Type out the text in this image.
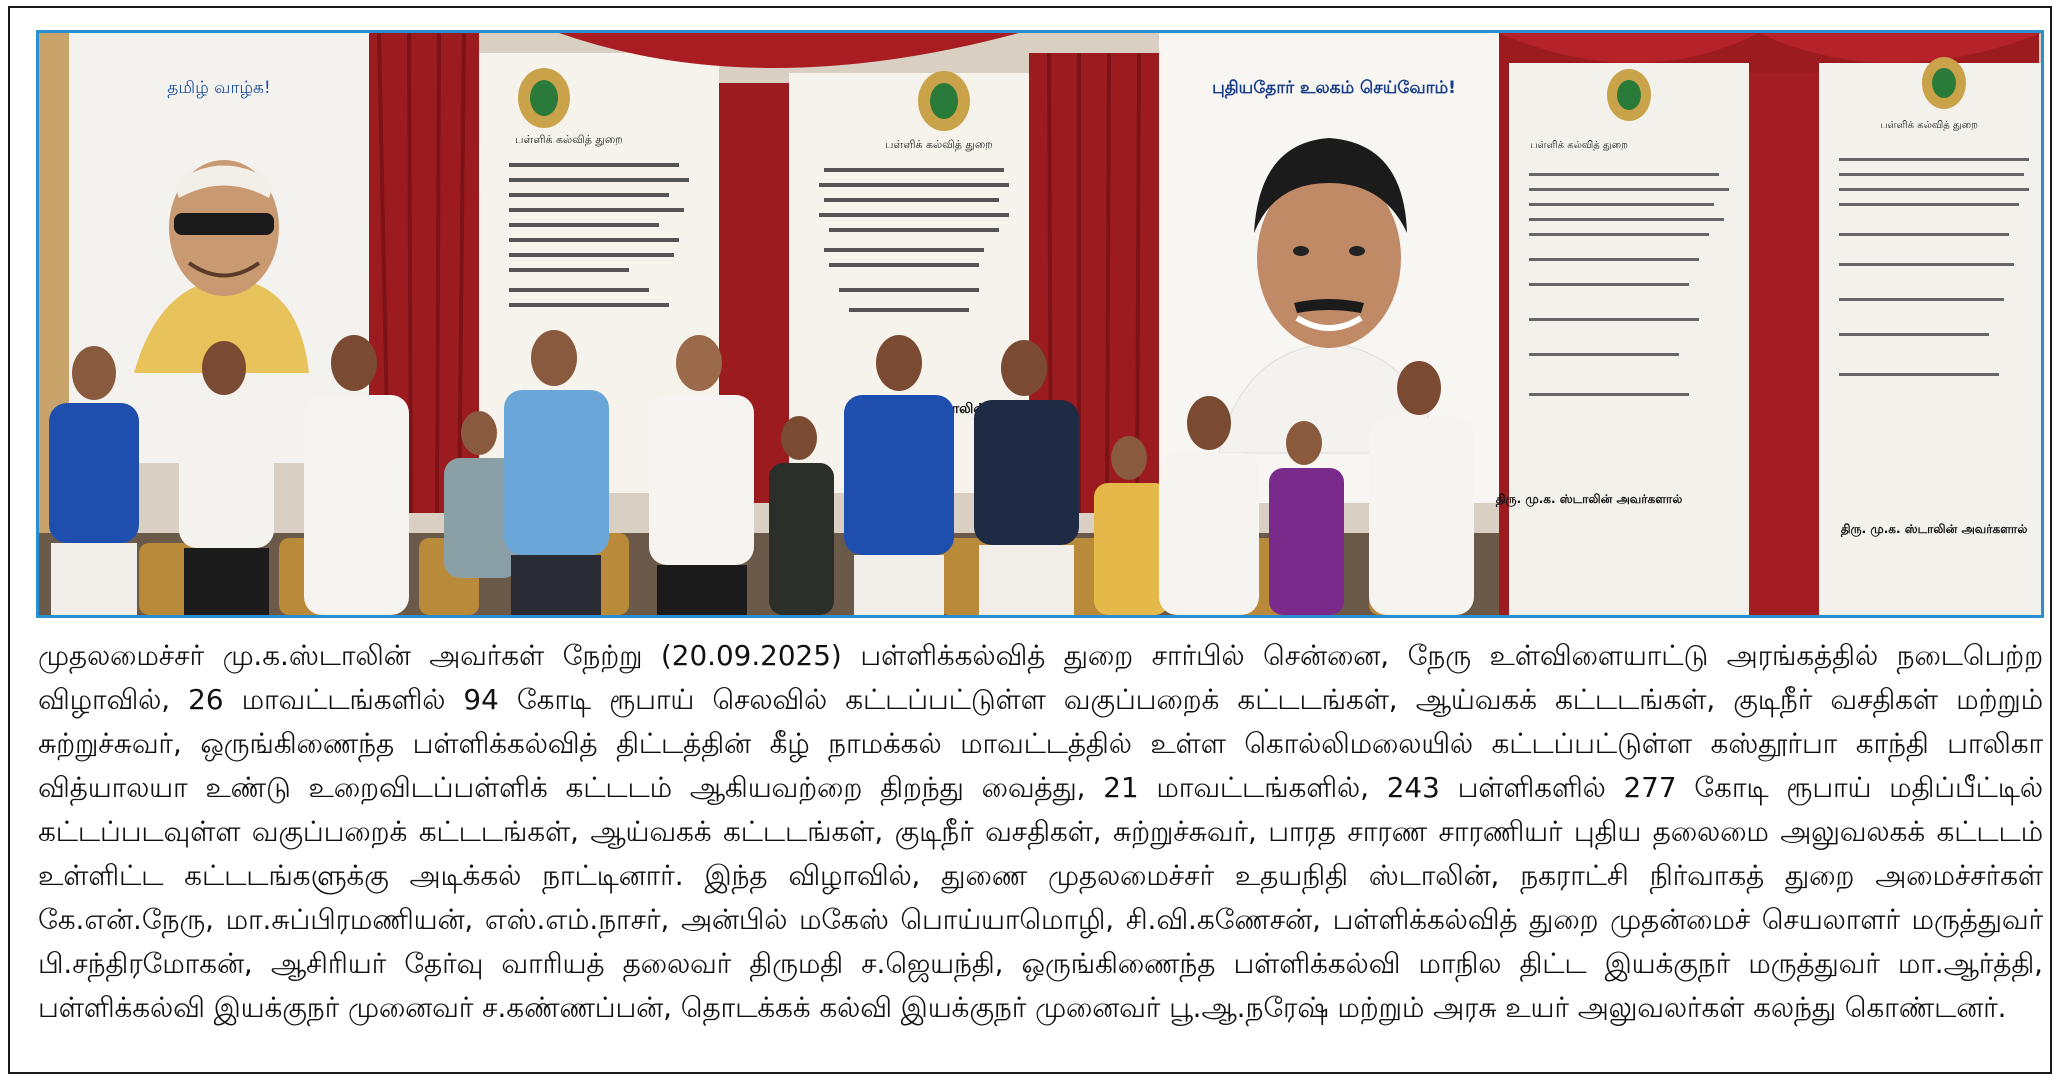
தமிழ் வாழ்க!
பள்ளிக் கல்வித் துறை	பள்ளிக் கல்வித் துறை
ஸ்டாலின்
புதியதோர் உலகம் செய்வோம்!
பள்ளிக் கல்வித் துறை
பள்ளிக் கல்வித் துறை
திரு. மு.க. ஸ்டாலின் அவர்களால்
திரு. மு.க. ஸ்டாலின் அவர்களால்

முதலமைச்சர் மு.க.ஸ்டாலின் அவர்கள் நேற்று (20.09.2025) பள்ளிக்கல்வித் துறை சார்பில் சென்னை, நேரு உள்விளையாட்டு அரங்கத்தில் நடைபெற்ற விழாவில், 26 மாவட்டங்களில் 94 கோடி ரூபாய் செலவில் கட்டப்பட்டுள்ள வகுப்பறைக் கட்டடங்கள், ஆய்வகக் கட்டடங்கள், குடிநீர் வசதிகள் மற்றும் சுற்றுச்சுவர், ஒருங்கிணைந்த பள்ளிக்கல்வித் திட்டத்தின் கீழ் நாமக்கல் மாவட்டத்தில் உள்ள கொல்லிமலையில் கட்டப்பட்டுள்ள கஸ்தூர்பா காந்தி பாலிகா வித்யாலயா உண்டு உறைவிடப்பள்ளிக் கட்டடம் ஆகியவற்றை திறந்து வைத்து, 21 மாவட்டங்களில், 243 பள்ளிகளில் 277 கோடி ரூபாய் மதிப்பீட்டில் கட்டப்படவுள்ள வகுப்பறைக் கட்டடங்கள், ஆய்வகக் கட்டடங்கள், குடிநீர் வசதிகள், சுற்றுச்சுவர், பாரத சாரண சாரணியர் புதிய தலைமை அலுவலகக் கட்டடம் உள்ளிட்ட கட்டடங்களுக்கு அடிக்கல் நாட்டினார். இந்த விழாவில், துணை முதலமைச்சர் உதயநிதி ஸ்டாலின், நகராட்சி நிர்வாகத் துறை அமைச்சர்கள் கே.என்.நேரு, மா.சுப்பிரமணியன், எஸ்.எம்.நாசர், அன்பில் மகேஸ் பொய்யாமொழி, சி.வி.கணேசன், பள்ளிக்கல்வித் துறை முதன்மைச் செயலாளர் மருத்துவர் பி.சந்திரமோகன், ஆசிரியர் தேர்வு வாரியத் தலைவர் திருமதி ச.ஜெயந்தி, ஒருங்கிணைந்த பள்ளிக்கல்வி மாநில திட்ட இயக்குநர் மருத்துவர் மா.ஆர்த்தி, பள்ளிக்கல்வி இயக்குநர் முனைவர் ச.கண்ணப்பன், தொடக்கக் கல்வி இயக்குநர் முனைவர் பூ.ஆ.நரேஷ் மற்றும் அரசு உயர் அலுவலர்கள் கலந்து கொண்டனர்.
